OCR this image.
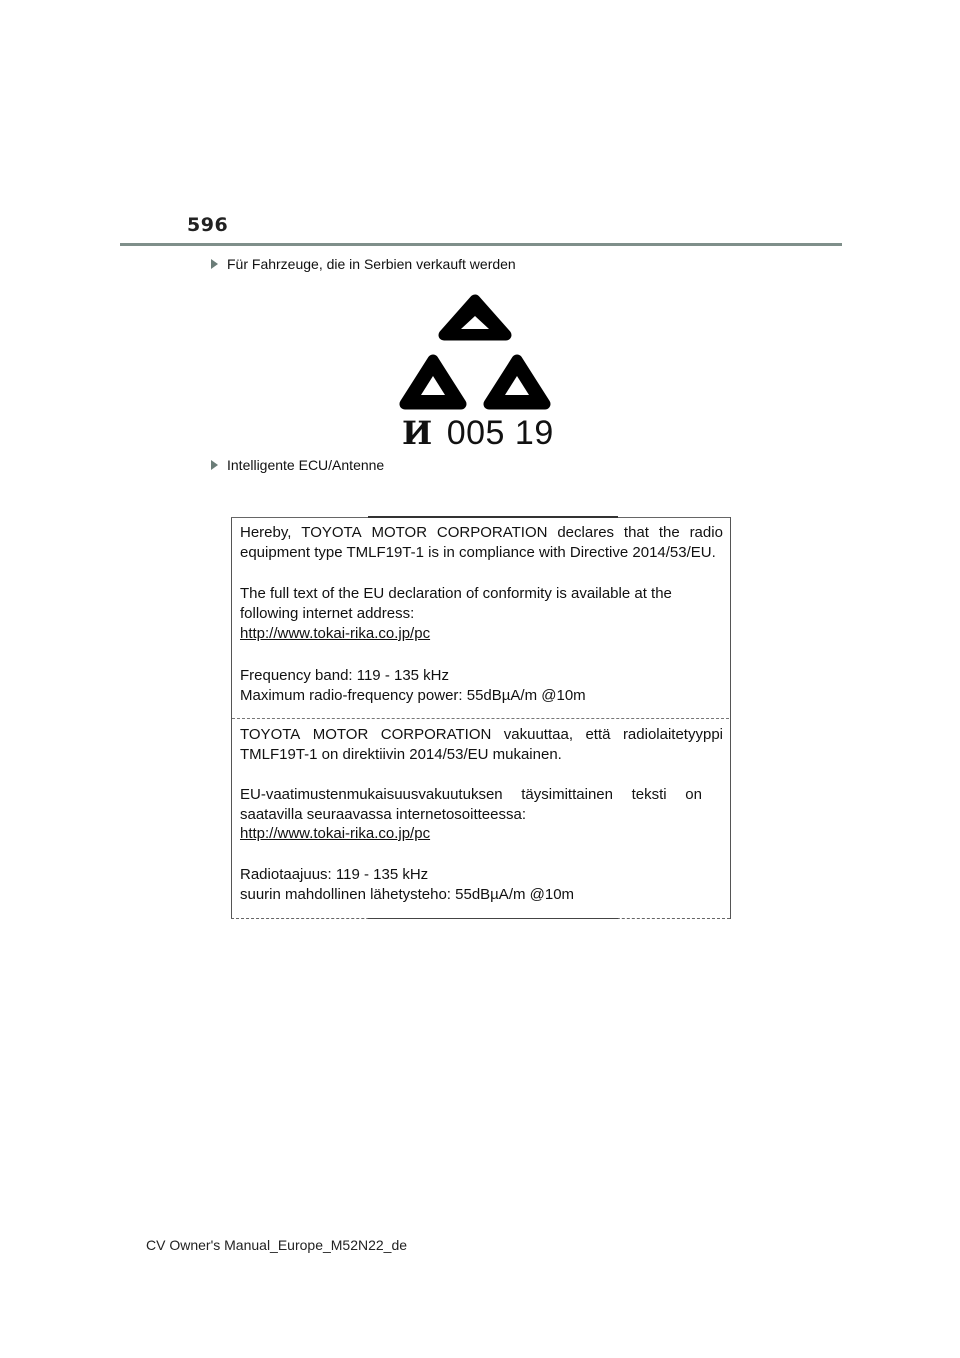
596
Für Fahrzeuge, die in Serbien verkauft werden
И 005 19
Intelligente ECU/Antenne
Hereby, TOYOTA MOTOR CORPORATION declares that the radio
equipment type TMLF19T-1 is in compliance with Directive 2014/53/EU.
The full text of the EU declaration of conformity is available at the
following internet address:
http://www.tokai-rika.co.jp/pc
Frequency band: 119 - 135 kHz
Maximum radio-frequency power: 55dBµA/m @10m
TOYOTA MOTOR CORPORATION vakuuttaa, että radiolaitetyyppi
TMLF19T-1 on direktiivin 2014/53/EU mukainen.
EU-vaatimustenmukaisuusvakuutuksen täysimittainen teksti on
saatavilla seuraavassa internetosoitteessa:
http://www.tokai-rika.co.jp/pc
Radiotaajuus: 119 - 135 kHz
suurin mahdollinen lähetysteho: 55dBµA/m @10m
CV Owner's Manual_Europe_M52N22_de
